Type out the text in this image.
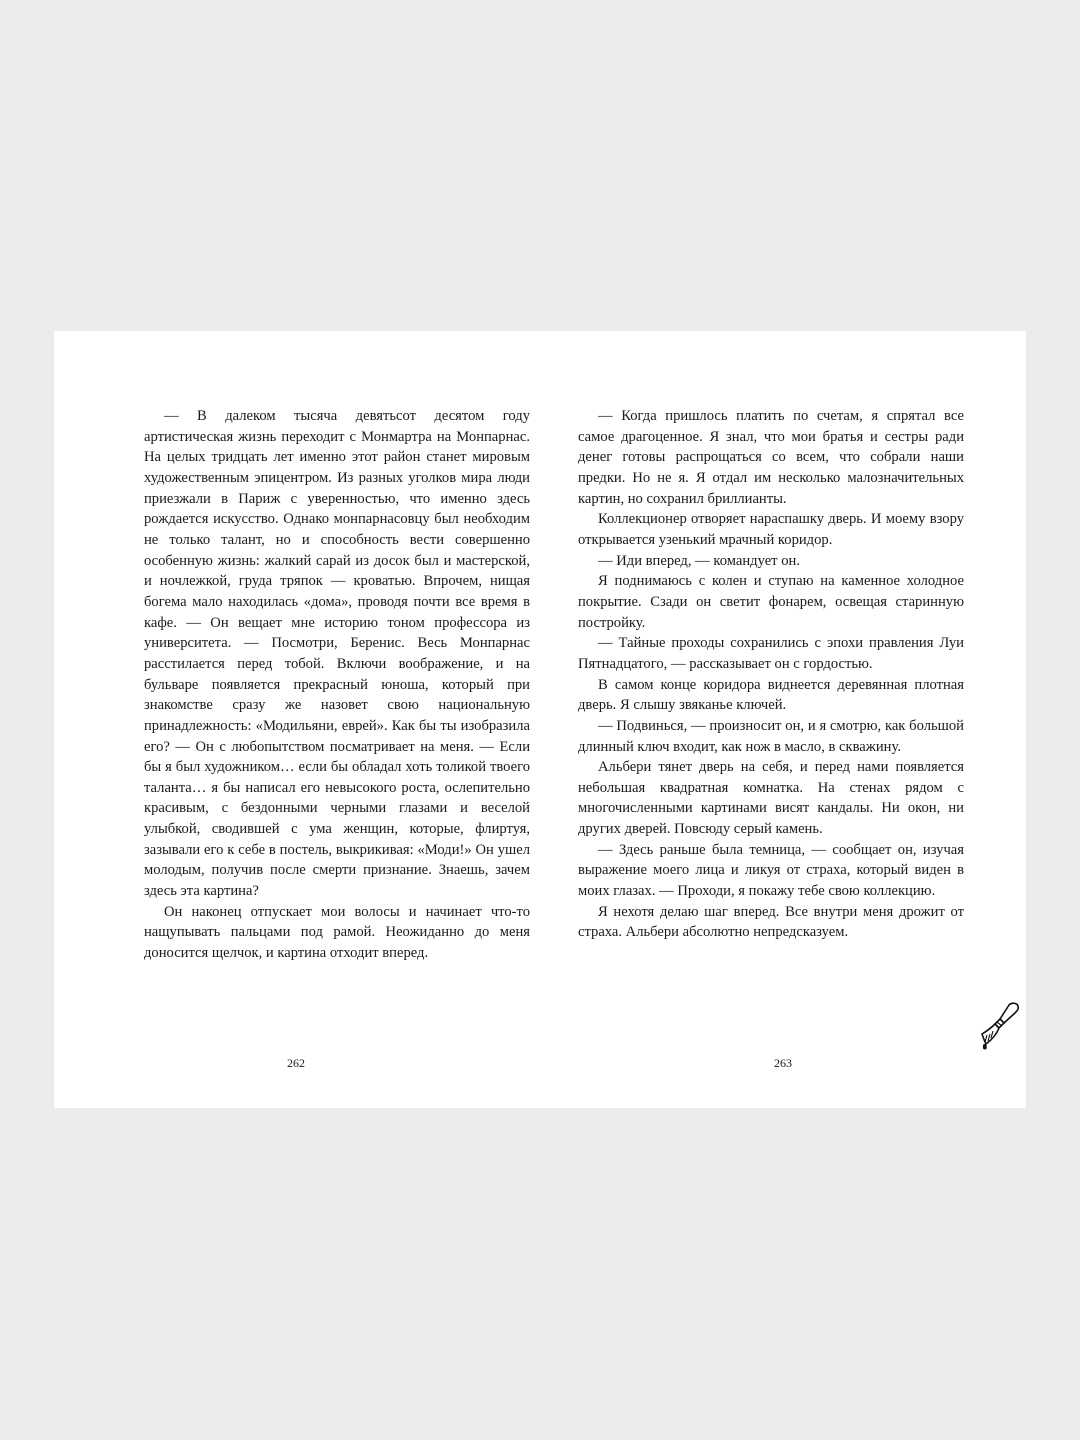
— В далеком тысяча девятьсот десятом году артистическая жизнь переходит с Монмартра на Монпарнас. На целых тридцать лет именно этот район станет мировым художественным эпицентром. Из разных уголков мира люди приезжали в Париж с уверенностью, что именно здесь рождается искусство. Однако монпарнасовцу был необходим не только талант, но и способность вести совершенно особенную жизнь: жалкий сарай из досок был и мастерской, и ночлежкой, груда тряпок — кроватью. Впрочем, нищая богема мало находилась «дома», проводя почти все время в кафе. — Он вещает мне историю тоном профессора из университета. — Посмотри, Беренис. Весь Монпарнас расстилается перед тобой. Включи воображение, и на бульваре появляется прекрасный юноша, который при знакомстве сразу же назовет свою национальную принадлежность: «Модильяни, еврей». Как бы ты изобразила его? — Он с любопытством посматривает на меня. — Если бы я был художником… если бы обладал хоть толикой твоего таланта… я бы написал его невысокого роста, ослепительно красивым, с бездонными черными глазами и веселой улыбкой, сводившей с ума женщин, которые, флиртуя, зазывали его к себе в постель, выкрикивая: «Моди!» Он ушел молодым, получив после смерти признание. Знаешь, зачем здесь эта картина?

Он наконец отпускает мои волосы и начинает что-то нащупывать пальцами под рамой. Неожиданно до меня доносится щелчок, и картина отходит вперед.

— Когда пришлось платить по счетам, я спрятал все самое драгоценное. Я знал, что мои братья и сестры ради денег готовы распрощаться со всем, что собрали наши предки. Но не я. Я отдал им несколько малозначительных картин, но сохранил бриллианты.

Коллекционер отворяет нараспашку дверь. И моему взору открывается узенький мрачный коридор.

— Иди вперед, — командует он.

Я поднимаюсь с колен и ступаю на каменное холодное покрытие. Сзади он светит фонарем, освещая старинную постройку.

— Тайные проходы сохранились с эпохи правления Луи Пятнадцатого, — рассказывает он с гордостью.

В самом конце коридора виднеется деревянная плотная дверь. Я слышу звяканье ключей.

— Подвинься, — произносит он, и я смотрю, как большой длинный ключ входит, как нож в масло, в скважину.

Альбери тянет дверь на себя, и перед нами появляется небольшая квадратная комнатка. На стенах рядом с многочисленными картинами висят кандалы. Ни окон, ни других дверей. Повсюду серый камень.

— Здесь раньше была темница, — сообщает он, изучая выражение моего лица и ликуя от страха, который виден в моих глазах. — Проходи, я покажу тебе свою коллекцию.

Я нехотя делаю шаг вперед. Все внутри меня дрожит от страха. Альбери абсолютно непредсказуем.

262	263
